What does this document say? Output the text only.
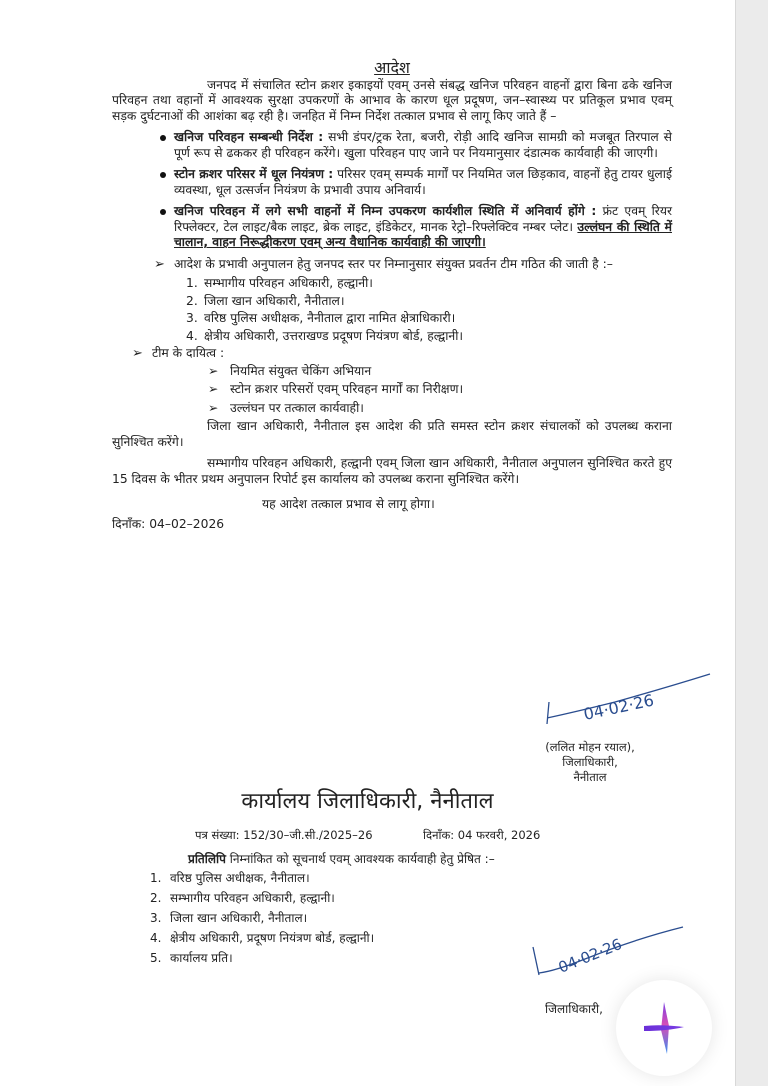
आदेश

जनपद में संचालित स्टोन क्रशर इकाइयों एवम् उनसे संबद्ध खनिज परिवहन वाहनों द्वारा बिना ढके खनिज परिवहन तथा वहानों में आवश्यक सुरक्षा उपकरणों के आभाव के कारण धूल प्रदूषण, जन–स्वास्थ्य पर प्रतिकूल प्रभाव एवम् सड़क दुर्घटनाओं की आशंका बढ़ रही है। जनहित में निम्न निर्देश तत्काल प्रभाव से लागू किए जाते हैं –

खनिज परिवहन सम्बन्धी निर्देश : सभी डंपर/ट्रक रेता, बजरी, रोड़ी आदि खनिज सामग्री को मजबूत तिरपाल से पूर्ण रूप से ढककर ही परिवहन करेंगे। खुला परिवहन पाए जाने पर नियमानुसार दंडात्मक कार्यवाही की जाएगी।
स्टोन क्रशर परिसर में धूल नियंत्रण : परिसर एवम् सम्पर्क मार्गों पर नियमित जल छिड़काव, वाहनों हेतु टायर धुलाई व्यवस्था, धूल उत्सर्जन नियंत्रण के प्रभावी उपाय अनिवार्य।
खनिज परिवहन में लगे सभी वाहनों में निम्न उपकरण कार्यशील स्थिति में अनिवार्य होंगे : फ्रंट एवम् रियर रिफ्लेक्टर, टेल लाइट/बैक लाइट, ब्रेक लाइट, इंडिकेटर, मानक रेट्रो–रिफ्लेक्टिव नम्बर प्लेट। उल्लंघन की स्थिति में चालान, वाहन निरूद्धीकरण एवम् अन्य वैधानिक कार्यवाही की जाएगी।
➢ आदेश के प्रभावी अनुपालन हेतु जनपद स्तर पर निम्नानुसार संयुक्त प्रवर्तन टीम गठित की जाती है :–
1. सम्भागीय परिवहन अधिकारी, हल्द्वानी।
2. जिला खान अधिकारी, नैनीताल।
3. वरिष्ठ पुलिस अधीक्षक, नैनीताल द्वारा नामित क्षेत्राधिकारी।
4. क्षेत्रीय अधिकारी, उत्तराखण्ड प्रदूषण नियंत्रण बोर्ड, हल्द्वानी।
➢ टीम के दायित्व :
➢ नियमित संयुक्त चेकिंग अभियान
➢ स्टोन क्रशर परिसरों एवम् परिवहन मार्गों का निरीक्षण।
➢ उल्लंघन पर तत्काल कार्यवाही।

जिला खान अधिकारी, नैनीताल इस आदेश की प्रति समस्त स्टोन क्रशर संचालकों को उपलब्ध कराना सुनिश्चित करेंगे।

सम्भागीय परिवहन अधिकारी, हल्द्वानी एवम् जिला खान अधिकारी, नैनीताल अनुपालन सुनिश्चित करते हुए 15 दिवस के भीतर प्रथम अनुपालन रिपोर्ट इस कार्यालय को उपलब्ध कराना सुनिश्चित करेंगे।

यह आदेश तत्काल प्रभाव से लागू होगा।

दिनाँक: 04–02–2026

04·02·26
(ललित मोहन रयाल),
जिलाधिकारी,
नैनीताल
कार्यालय जिलाधिकारी, नैनीताल
पत्र संख्या: 152/30–जी.सी./2025–26	दिनाँक: 04 फरवरी, 2026
प्रतिलिपि निम्नांकित को सूचनार्थ एवम् आवश्यक कार्यवाही हेतु प्रेषित :–
1. वरिष्ठ पुलिस अधीक्षक, नैनीताल।
2. सम्भागीय परिवहन अधिकारी, हल्द्वानी।
3. जिला खान अधिकारी, नैनीताल।
4. क्षेत्रीय अधिकारी, प्रदूषण नियंत्रण बोर्ड, हल्द्वानी।
5. कार्यालय प्रति।	04·02·26
जिलाधिकारी,
